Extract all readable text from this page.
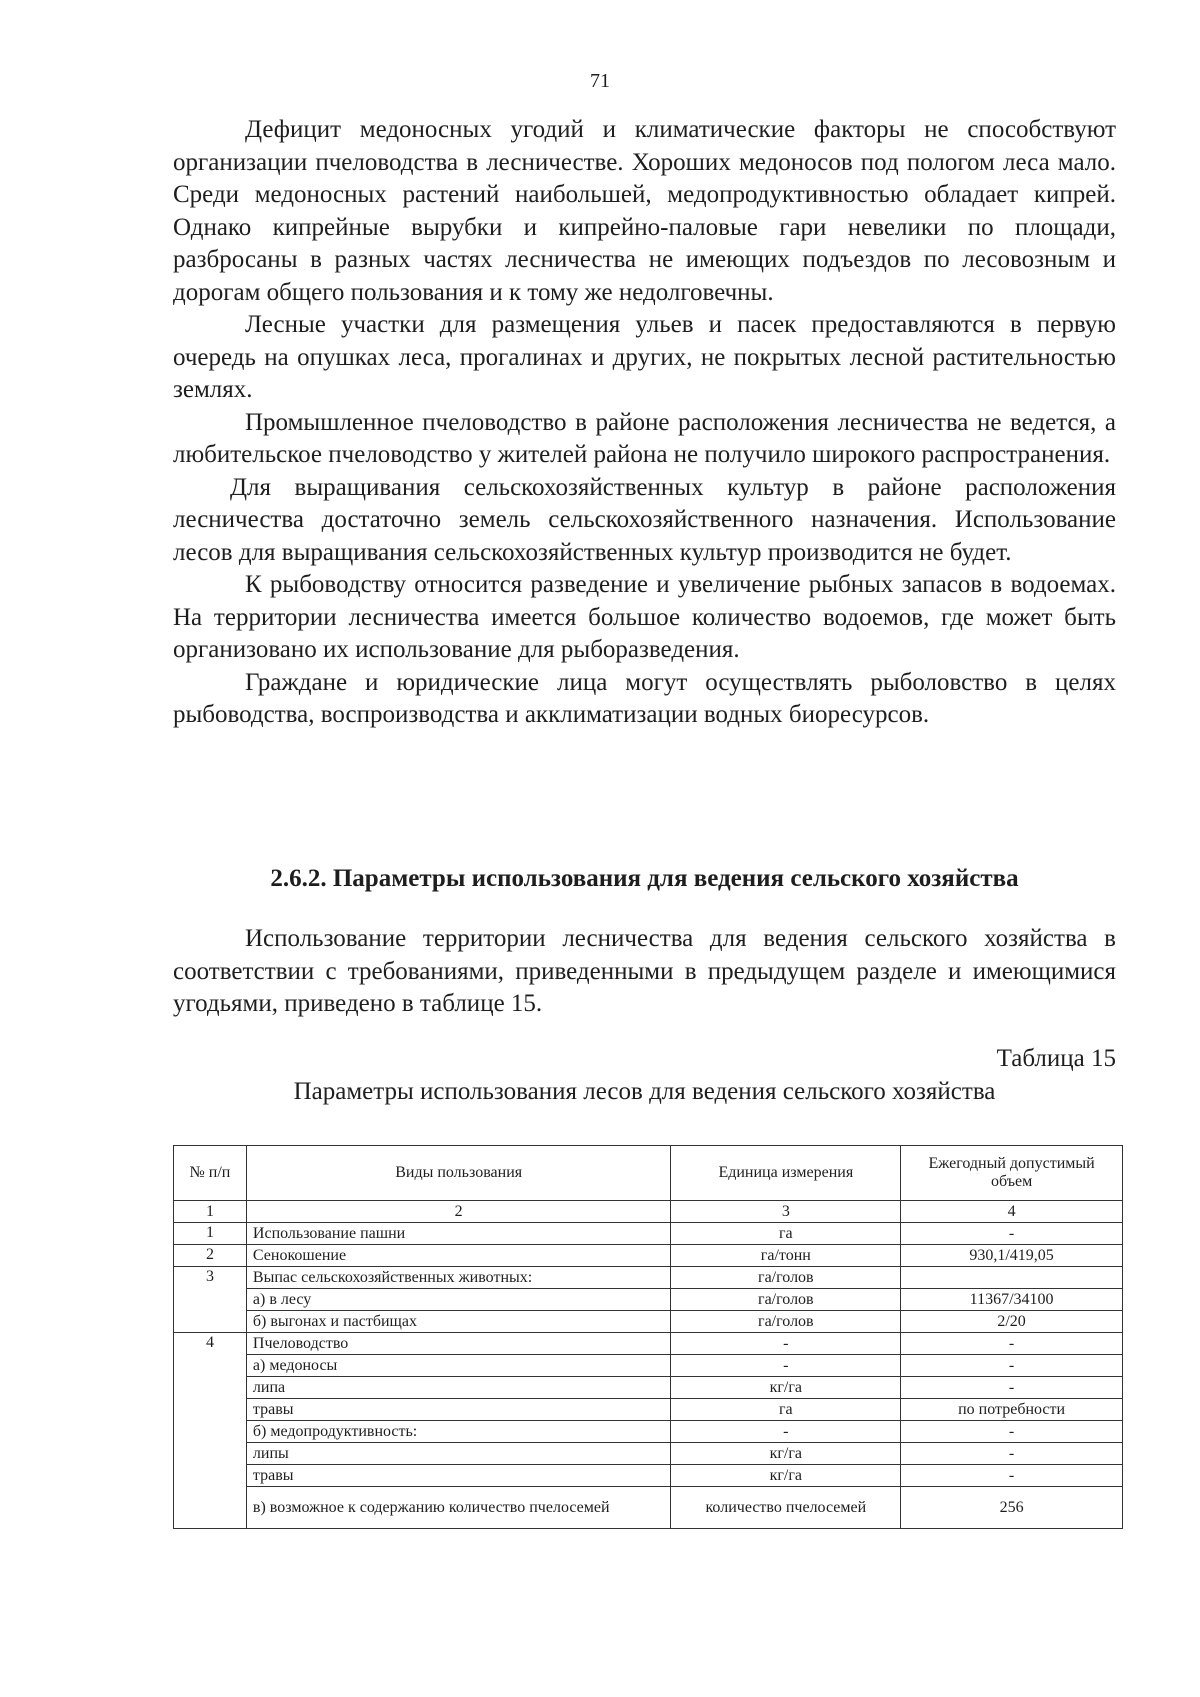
71

Дефицит медоносных угодий и климатические факторы не способствуют организации пчеловодства в лесничестве. Хороших медоносов под пологом леса мало. Среди медоносных растений наибольшей, медопродуктивностью обладает кипрей. Однако кипрейные вырубки и кипрейно-паловые гари невелики по площади, разбросаны в разных частях лесничества не имеющих подъездов по лесовозным и дорогам общего пользования и к тому же недолговечны.

Лесные участки для размещения ульев и пасек предоставляются в первую очередь на опушках леса, прогалинах и других, не покрытых лесной растительностью землях.

Промышленное пчеловодство в районе расположения лесничества не ведется, а любительское пчеловодство у жителей района не получило широкого распространения.

Для выращивания сельскохозяйственных культур в районе расположения лесничества достаточно земель сельскохозяйственного назначения. Использование лесов для выращивания сельскохозяйственных культур производится не будет.

К рыбоводству относится разведение и увеличение рыбных запасов в водоемах. На территории лесничества имеется большое количество водоемов, где может быть организовано их использование для рыборазведения.

Граждане и юридические лица могут осуществлять рыболовство в целях рыбоводства, воспроизводства и акклиматизации водных биоресурсов.

2.6.2. Параметры использования для ведения сельского хозяйства

Использование территории лесничества для ведения сельского хозяйства в соответствии с требованиями, приведенными в предыдущем разделе и имеющимися угодьями, приведено в таблице 15.

Таблица 15
Параметры использования лесов для ведения сельского хозяйства
№ п/п	Виды пользования	Единица измерения	Ежегодный допустимый объем
1	2	3	4
1	Использование пашни	га	-
2	Сенокошение	га/тонн	930,1/419,05
3	Выпас сельскохозяйственных животных:	га/голов	
	а) в лесу	га/голов	11367/34100
	б) выгонах и пастбищах	га/голов	2/20
4	Пчеловодство	-	-
	а) медоносы	-	-
	липа	кг/га	-
	травы	га	по потребности
	б) медопродуктивность:	-	-
	липы	кг/га	-
	травы	кг/га	-
	в) возможное к содержанию количество пчелосемей	количество пчелосемей	256
